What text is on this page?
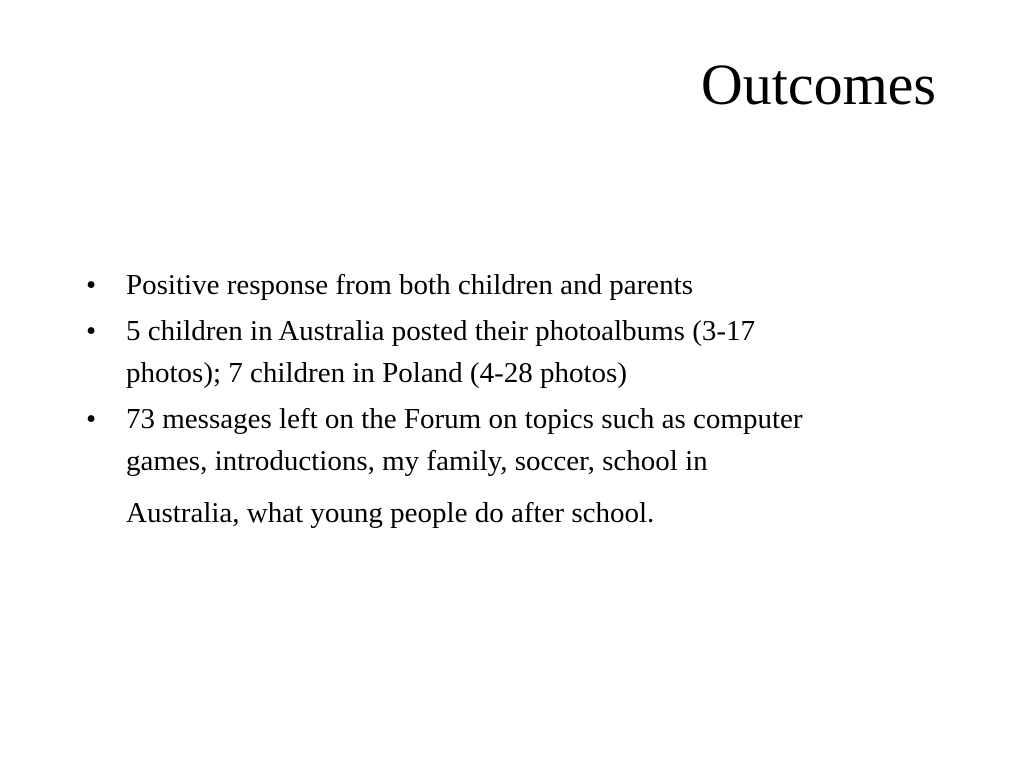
Outcomes
•	Positive response from both children and parents
•	5 children in Australia posted their photoalbums (3-17
photos); 7 children in Poland (4-28 photos)
•	73 messages left on the Forum on topics such as computer
games, introductions, my family, soccer, school in
Australia, what young people do after school.
